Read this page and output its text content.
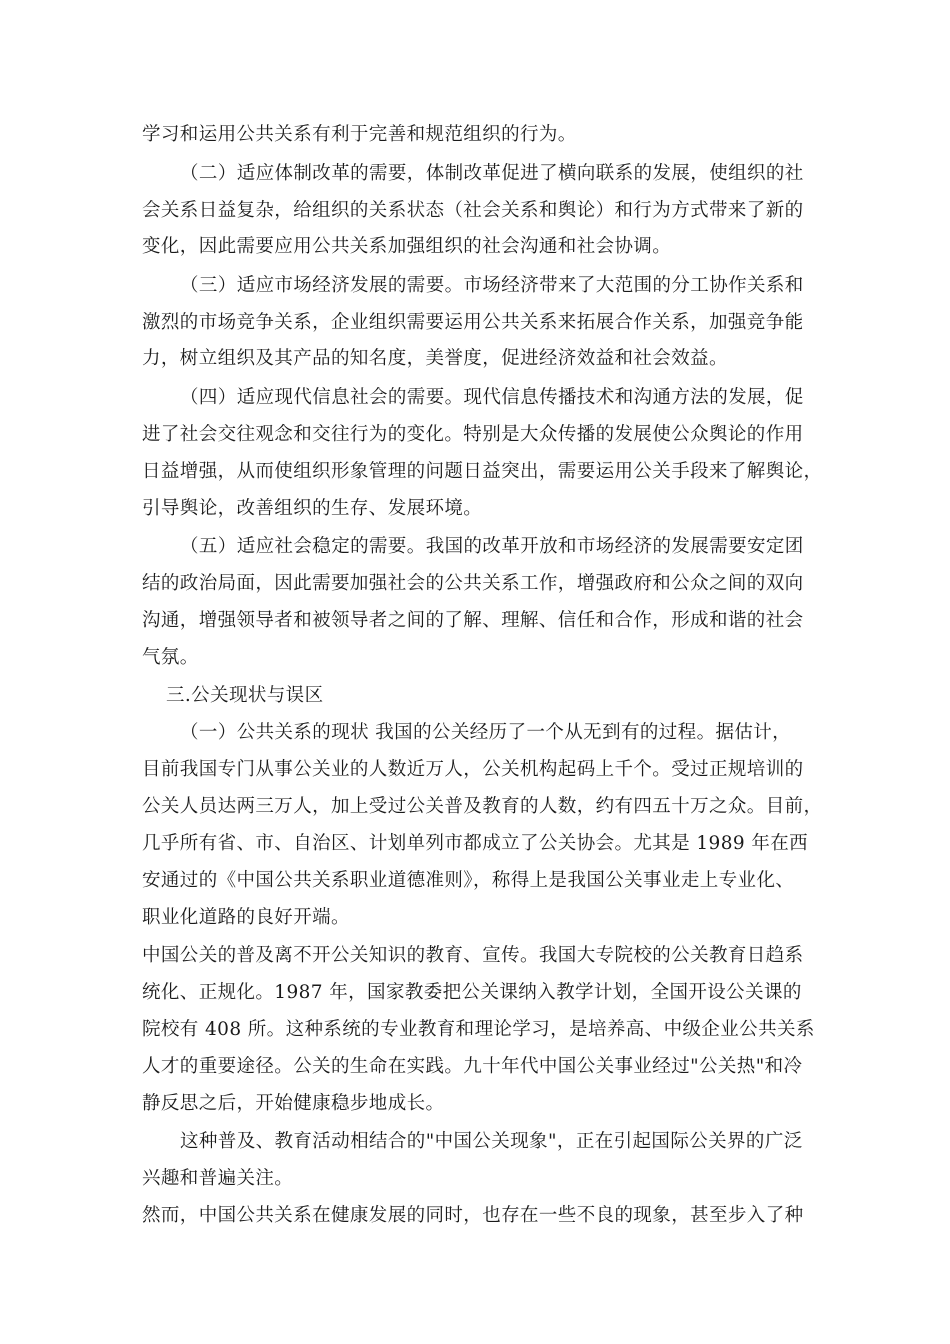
学习和运用公共关系有利于完善和规范组织的行为。

（二）适应体制改革的需要，体制改革促进了横向联系的发展，使组织的社

会关系日益复杂，给组织的关系状态（社会关系和舆论）和行为方式带来了新的

变化，因此需要应用公共关系加强组织的社会沟通和社会协调。

（三）适应市场经济发展的需要。市场经济带来了大范围的分工协作关系和

激烈的市场竞争关系，企业组织需要运用公共关系来拓展合作关系，加强竞争能

力，树立组织及其产品的知名度，美誉度，促进经济效益和社会效益。

（四）适应现代信息社会的需要。现代信息传播技术和沟通方法的发展，促

进了社会交往观念和交往行为的变化。特别是大众传播的发展使公众舆论的作用

日益增强，从而使组织形象管理的问题日益突出，需要运用公关手段来了解舆论，

引导舆论，改善组织的生存、发展环境。

（五）适应社会稳定的需要。我国的改革开放和市场经济的发展需要安定团

结的政治局面，因此需要加强社会的公共关系工作，增强政府和公众之间的双向

沟通，增强领导者和被领导者之间的了解、理解、信任和合作，形成和谐的社会

气氛。

三.公关现状与误区

（一）公共关系的现状 我国的公关经历了一个从无到有的过程。据估计，

目前我国专门从事公关业的人数近万人，公关机构起码上千个。受过正规培训的

公关人员达两三万人，加上受过公关普及教育的人数，约有四五十万之众。目前，

几乎所有省、市、自治区、计划单列市都成立了公关协会。尤其是 1989 年在西

安通过的《中国公共关系职业道德准则》，称得上是我国公关事业走上专业化、

职业化道路的良好开端。

中国公关的普及离不开公关知识的教育、宣传。我国大专院校的公关教育日趋系

统化、正规化。1987 年，国家教委把公关课纳入教学计划，全国开设公关课的

院校有 408 所。这种系统的专业教育和理论学习，是培养高、中级企业公共关系

人才的重要途径。公关的生命在实践。九十年代中国公关事业经过"公关热"和冷

静反思之后，开始健康稳步地成长。

这种普及、教育活动相结合的"中国公关现象"，正在引起国际公关界的广泛

兴趣和普遍关注。

然而，中国公共关系在健康发展的同时，也存在一些不良的现象，甚至步入了种
